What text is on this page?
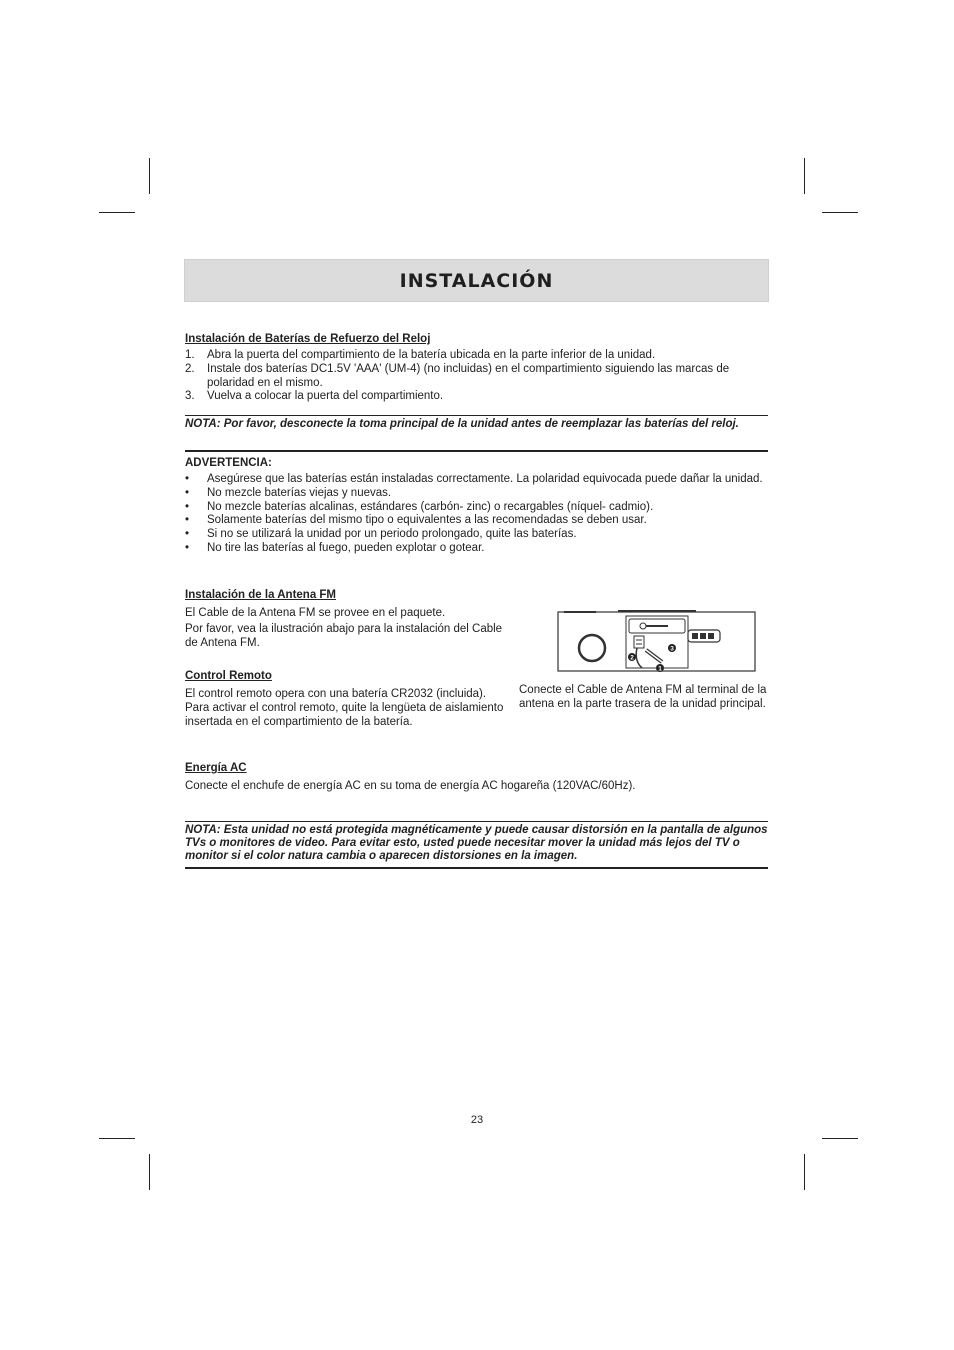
INSTALACIÓN
Instalación de Baterías de Refuerzo del Reloj
1. Abra la puerta del compartimiento de la batería ubicada en la parte inferior de la unidad.
2. Instale dos baterías DC1.5V 'AAA' (UM-4) (no incluidas) en el compartimiento siguiendo las marcas de polaridad en el mismo.
3. Vuelva a colocar la puerta del compartimiento.
NOTA: Por favor, desconecte la toma principal de la unidad antes de reemplazar las baterías del reloj.
ADVERTENCIA:
• Asegúrese que las baterías están instaladas correctamente. La polaridad equivocada puede dañar la unidad.
• No mezcle baterías viejas y nuevas.
• No mezcle baterías alcalinas, estándares (carbón- zinc) o recargables (níquel- cadmio).
• Solamente baterías del mismo tipo o equivalentes a las recomendadas se deben usar.
• Si no se utilizará la unidad por un periodo prolongado, quite las baterías.
• No tire las baterías al fuego, pueden explotar o gotear.
Instalación de la Antena FM
El Cable de la Antena FM se provee en el paquete.
Por favor, vea la ilustración abajo para la instalación del Cable de Antena FM.
2
3
1
Conecte el Cable de Antena FM al terminal de la antena en la parte trasera de la unidad principal.
Control Remoto
El control remoto opera con una batería CR2032 (incluida). Para activar el control remoto, quite la lengüeta de aislamiento insertada en el compartimiento de la batería.
Energía AC
Conecte el enchufe de energía AC en su toma de energía AC hogareña (120VAC/60Hz).
NOTA: Esta unidad no está protegida magnéticamente y puede causar distorsión en la pantalla de algunos TVs o monitores de video. Para evitar esto, usted puede necesitar mover la unidad más lejos del TV o monitor si el color natura cambia o aparecen distorsiones en la imagen.
23
